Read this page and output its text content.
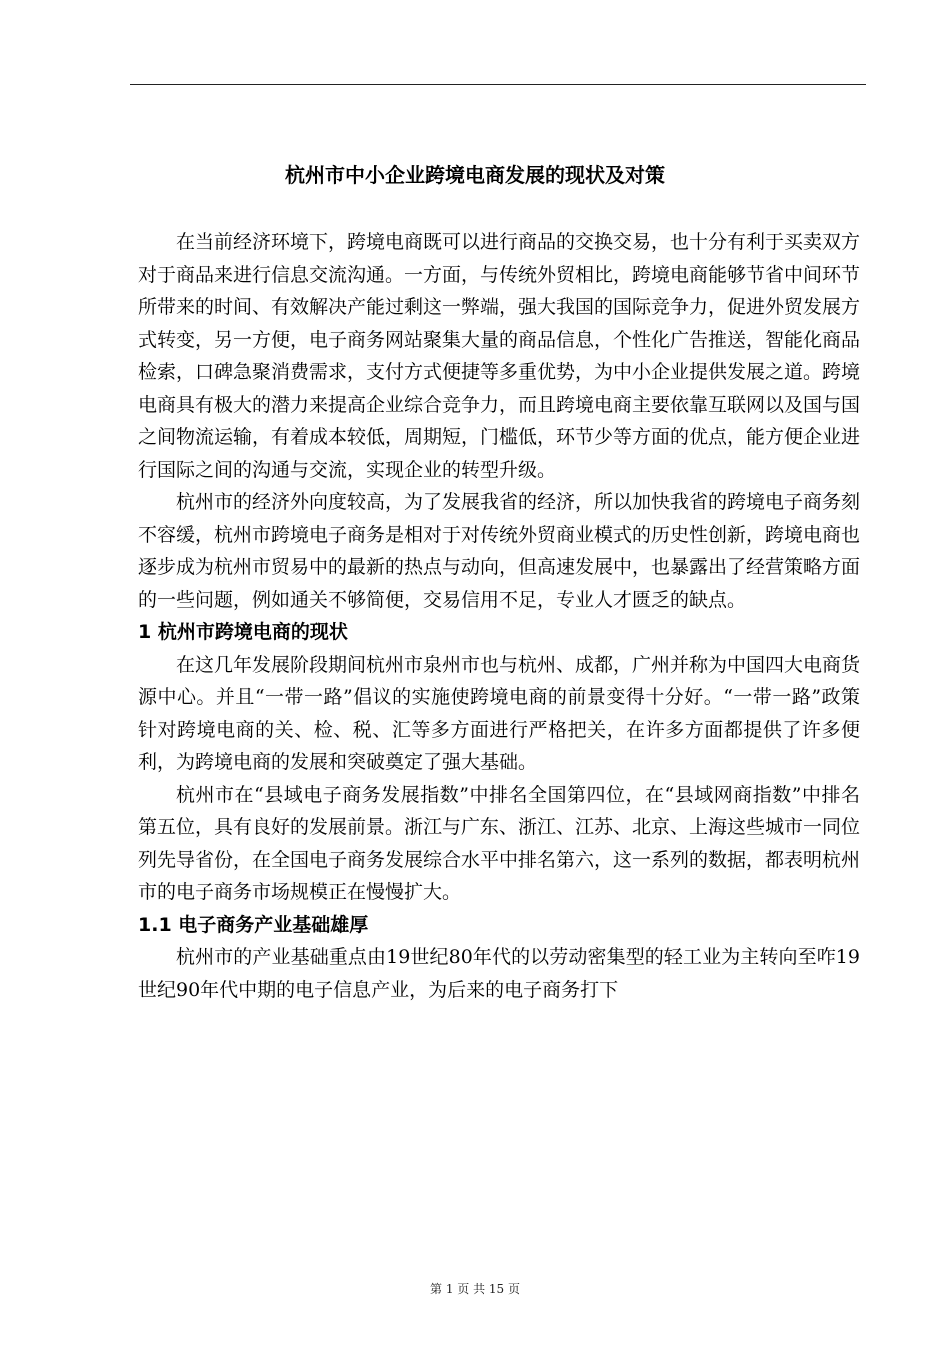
杭州市中小企业跨境电商发展的现状及对策

在当前经济环境下，跨境电商既可以进行商品的交换交易，也十分有利于买卖双方对于商品来进行信息交流沟通。一方面，与传统外贸相比，跨境电商能够节省中间环节所带来的时间、有效解决产能过剩这一弊端，强大我国的国际竞争力，促进外贸发展方式转变，另一方便，电子商务网站聚集大量的商品信息，个性化广告推送，智能化商品检索，口碑急聚消费需求，支付方式便捷等多重优势，为中小企业提供发展之道。跨境电商具有极大的潜力来提高企业综合竞争力，而且跨境电商主要依靠互联网以及国与国之间物流运输，有着成本较低，周期短，门槛低，环节少等方面的优点，能方便企业进行国际之间的沟通与交流，实现企业的转型升级。

杭州市的经济外向度较高，为了发展我省的经济，所以加快我省的跨境电子商务刻不容缓，杭州市跨境电子商务是相对于对传统外贸商业模式的历史性创新，跨境电商也逐步成为杭州市贸易中的最新的热点与动向，但高速发展中，也暴露出了经营策略方面的一些问题，例如通关不够简便，交易信用不足，专业人才匮乏的缺点。

1 杭州市跨境电商的现状

在这几年发展阶段期间杭州市泉州市也与杭州、成都，广州并称为中国四大电商货源中心。并且“一带一路”倡议的实施使跨境电商的前景变得十分好。“一带一路”政策针对跨境电商的关、检、税、汇等多方面进行严格把关，在许多方面都提供了许多便利，为跨境电商的发展和突破奠定了强大基础。

杭州市在“县域电子商务发展指数”中排名全国第四位，在“县域网商指数”中排名第五位，具有良好的发展前景。浙江与广东、浙江、江苏、北京、上海这些城市一同位列先导省份，在全国电子商务发展综合水平中排名第六，这一系列的数据，都表明杭州市的电子商务市场规模正在慢慢扩大。

1.1 电子商务产业基础雄厚

杭州市的产业基础重点由19世纪80年代的以劳动密集型的轻工业为主转向至咋19世纪90年代中期的电子信息产业，为后来的电子商务打下

第 1 页 共 15 页
